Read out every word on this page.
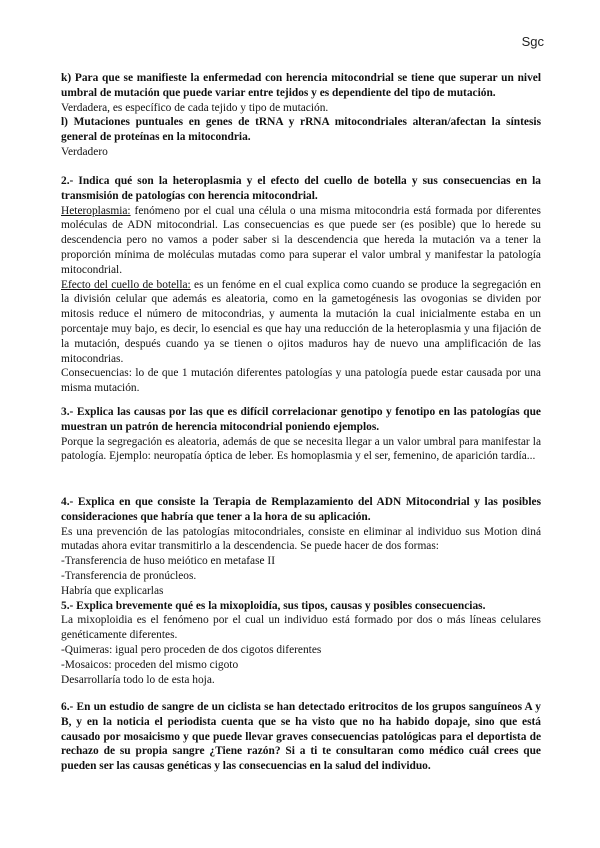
Sgc

k) Para que se manifieste la enfermedad con herencia mitocondrial se tiene que superar un nivel umbral de mutación que puede variar entre tejidos y es dependiente del tipo de mutación.

Verdadera, es específico de cada tejido y tipo de mutación.

l) Mutaciones puntuales en genes de tRNA y rRNA mitocondriales alteran/afectan la síntesis general de proteínas en la mitocondria.

Verdadero

2.- Indica qué son la heteroplasmia y el efecto del cuello de botella y sus consecuencias en la transmisión de patologías con herencia mitocondrial.

Heteroplasmia: fenómeno por el cual una célula o una misma mitocondria está formada por diferentes moléculas de ADN mitocondrial. Las consecuencias es que puede ser (es posible) que lo herede su descendencia pero no vamos a poder saber si la descendencia que hereda la mutación va a tener la proporción mínima de moléculas mutadas como para superar el valor umbral y manifestar la patología mitocondrial.

Efecto del cuello de botella: es un fenóme en el cual explica como cuando se produce la segregación en la división celular que además es aleatoria, como en la gametogénesis las ovogonias se dividen por mitosis reduce el número de mitocondrias, y aumenta la mutación la cual inicialmente estaba en un porcentaje muy bajo, es decir, lo esencial es que hay una reducción de la heteroplasmia y una fijación de la mutación, después cuando ya se tienen o ojitos maduros hay de nuevo una amplificación de las mitocondrias.

Consecuencias: lo de que 1 mutación diferentes patologías y una patología puede estar causada por una misma mutación.

3.- Explica las causas por las que es difícil correlacionar genotipo y fenotipo en las patologías que muestran un patrón de herencia mitocondrial poniendo ejemplos.

Porque la segregación es aleatoria, además de que se necesita llegar a un valor umbral para manifestar la patología. Ejemplo: neuropatía óptica de leber. Es homoplasmia y el ser, femenino, de aparición tardía...

4.- Explica en que consiste la Terapia de Remplazamiento del ADN Mitocondrial y las posibles consideraciones que habría que tener a la hora de su aplicación.

Es una prevención de las patologías mitocondriales, consiste en eliminar al individuo sus Motion diná mutadas ahora evitar transmitirlo a la descendencia. Se puede hacer de dos formas:

-Transferencia de huso meiótico en metafase II

-Transferencia de pronúcleos.

Habría que explicarlas

5.- Explica brevemente qué es la mixoploidía, sus tipos, causas y posibles consecuencias.

La mixoploidia es el fenómeno por el cual un individuo está formado por dos o más líneas celulares genéticamente diferentes.

-Quimeras: igual pero proceden de dos cigotos diferentes

-Mosaicos: proceden del mismo cigoto

Desarrollaría todo lo de esta hoja.

6.- En un estudio de sangre de un ciclista se han detectado eritrocitos de los grupos sanguíneos A y B, y en la noticia el periodista cuenta que se ha visto que no ha habido dopaje, sino que está causado por mosaicismo y que puede llevar graves consecuencias patológicas para el deportista de rechazo de su propia sangre ¿Tiene razón? Si a ti te consultaran como médico cuál crees que pueden ser las causas genéticas y las consecuencias en la salud del individuo.
